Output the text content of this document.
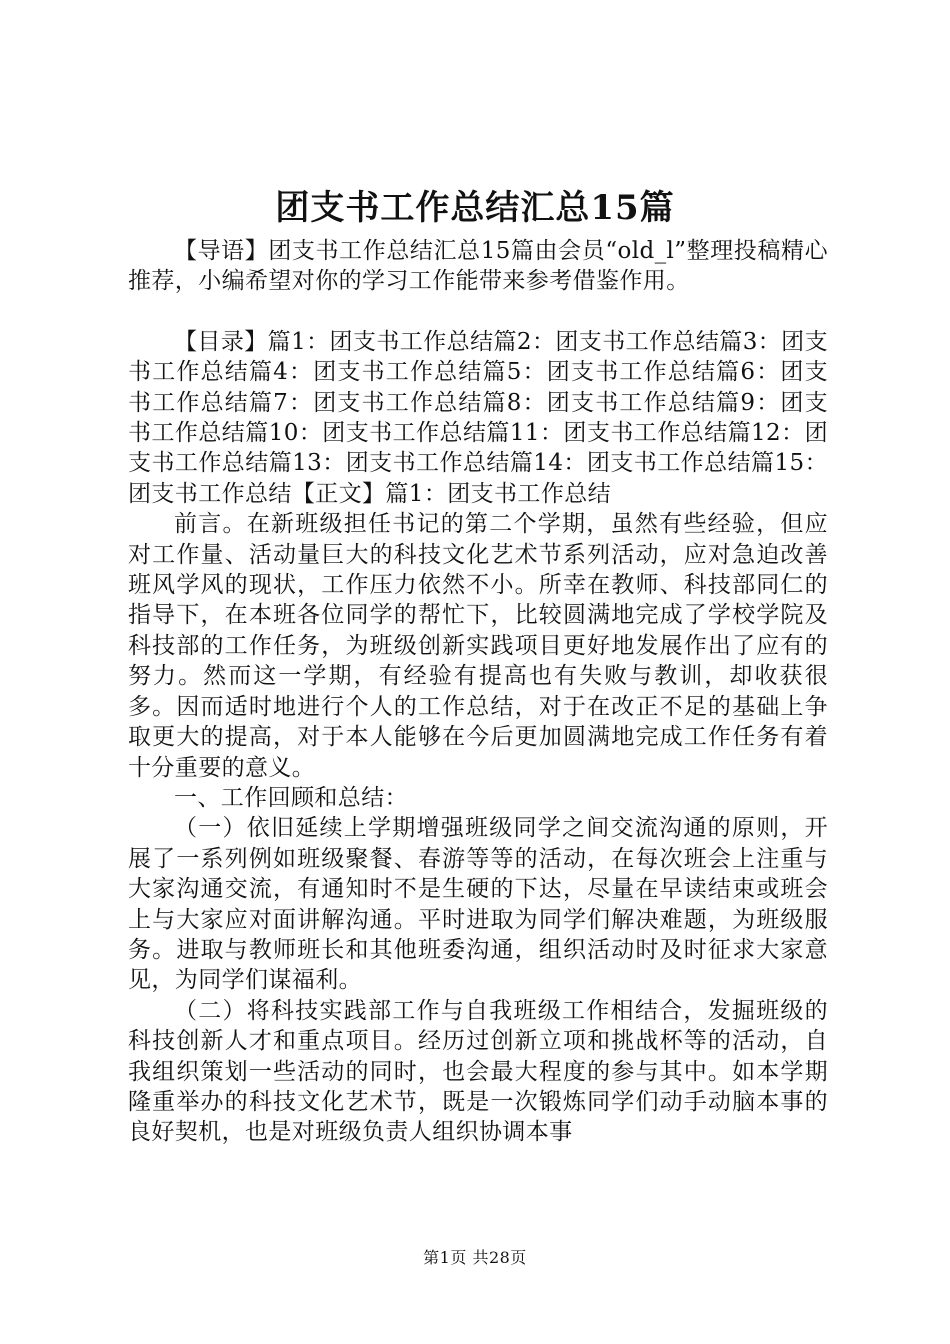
团支书工作总结汇总15篇

【导语】团支书工作总结汇总15篇由会员“old_l”整理投稿精心推荐，小编希望对你的学习工作能带来参考借鉴作用。

【目录】篇1：团支书工作总结篇2：团支书工作总结篇3：团支书工作总结篇4：团支书工作总结篇5：团支书工作总结篇6：团支书工作总结篇7：团支书工作总结篇8：团支书工作总结篇9：团支书工作总结篇10：团支书工作总结篇11：团支书工作总结篇12：团支书工作总结篇13：团支书工作总结篇14：团支书工作总结篇15：团支书工作总结【正文】篇1：团支书工作总结

前言。在新班级担任书记的第二个学期，虽然有些经验，但应对工作量、活动量巨大的科技文化艺术节系列活动，应对急迫改善班风学风的现状，工作压力依然不小。所幸在教师、科技部同仁的指导下，在本班各位同学的帮忙下，比较圆满地完成了学校学院及科技部的工作任务，为班级创新实践项目更好地发展作出了应有的努力。然而这一学期，有经验有提高也有失败与教训，却收获很多。因而适时地进行个人的工作总结，对于在改正不足的基础上争取更大的提高，对于本人能够在今后更加圆满地完成工作任务有着十分重要的意义。

一、工作回顾和总结：

（一）依旧延续上学期增强班级同学之间交流沟通的原则，开展了一系列例如班级聚餐、春游等等的活动，在每次班会上注重与大家沟通交流，有通知时不是生硬的下达，尽量在早读结束或班会上与大家应对面讲解沟通。平时进取为同学们解决难题，为班级服务。进取与教师班长和其他班委沟通，组织活动时及时征求大家意见，为同学们谋福利。

（二）将科技实践部工作与自我班级工作相结合，发掘班级的科技创新人才和重点项目。经历过创新立项和挑战杯等的活动，自我组织策划一些活动的同时，也会最大程度的参与其中。如本学期隆重举办的科技文化艺术节，既是一次锻炼同学们动手动脑本事的良好契机，也是对班级负责人组织协调本事

第1页 共28页
